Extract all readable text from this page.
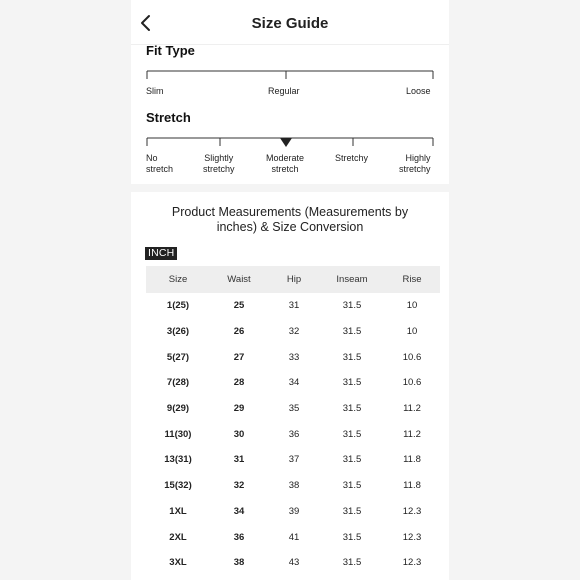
Size Guide
Fit Type
Slim	Regular	Loose
Stretch
No
stretch
Slightly
stretchy
Moderate
stretch
Stretchy	Highly
stretchy
Product Measurements (Measurements by inches) & Size Conversion
INCH
Size	Waist	Hip	Inseam	Rise
1(25)	25	31	31.5	10
3(26)	26	32	31.5	10
5(27)	27	33	31.5	10.6
7(28)	28	34	31.5	10.6
9(29)	29	35	31.5	11.2
11(30)	30	36	31.5	11.2
13(31)	31	37	31.5	11.8
15(32)	32	38	31.5	11.8
1XL	34	39	31.5	12.3
2XL	36	41	31.5	12.3
3XL	38	43	31.5	12.3
